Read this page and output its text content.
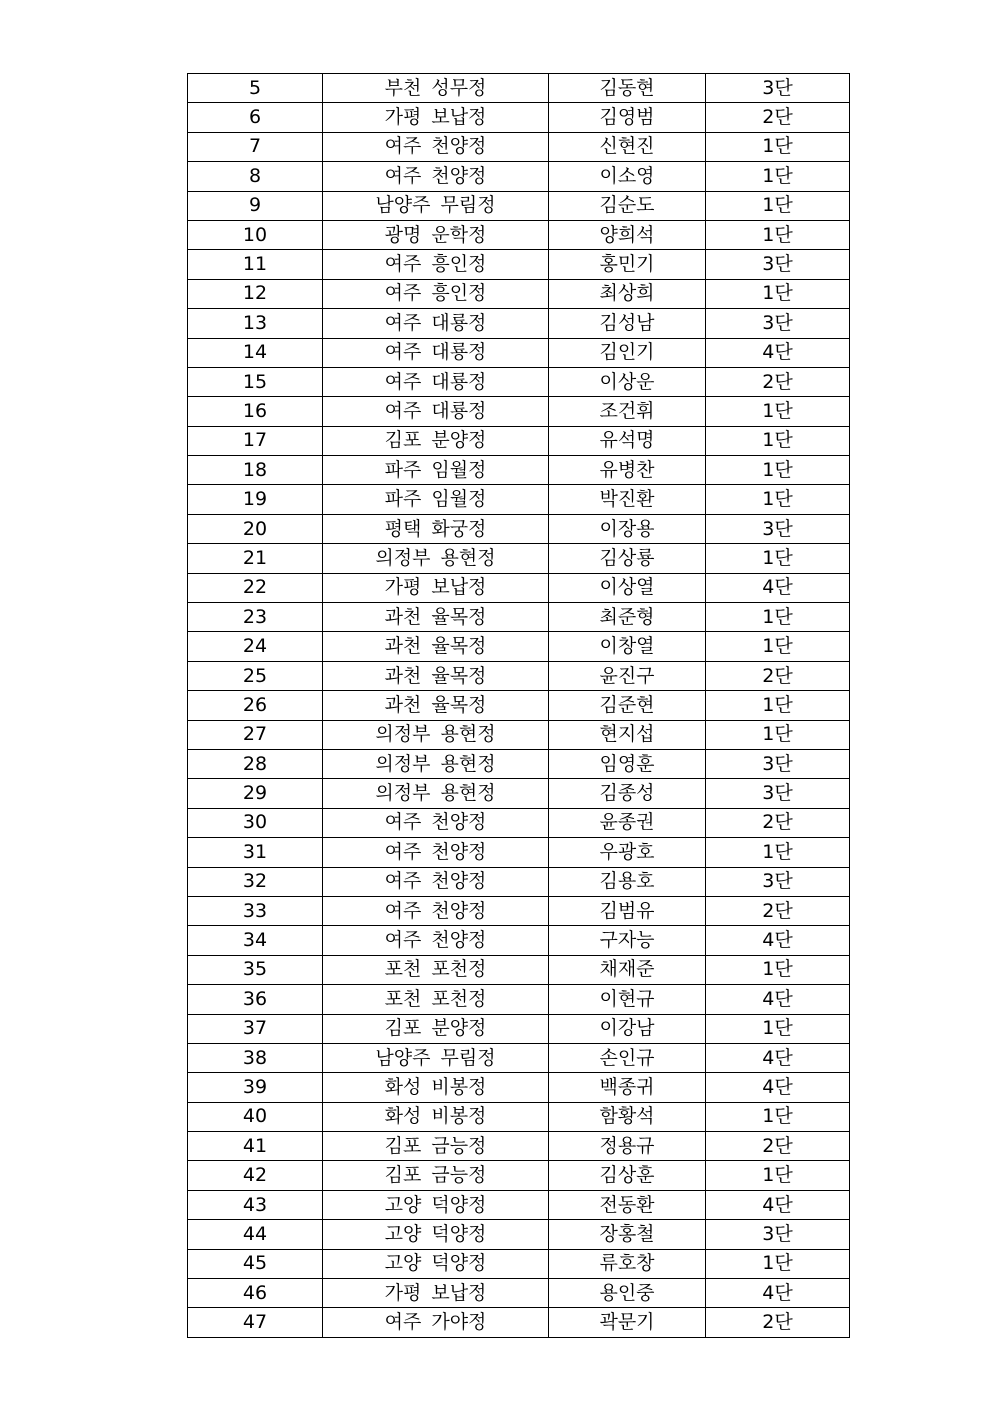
5	부천 성무정	김동현	3단
6	가평 보납정	김영범	2단
7	여주 천양정	신현진	1단
8	여주 천양정	이소영	1단
9	남양주 무림정	김순도	1단
10	광명 운학정	양희석	1단
11	여주 흥인정	홍민기	3단
12	여주 흥인정	최상희	1단
13	여주 대룡정	김성남	3단
14	여주 대룡정	김인기	4단
15	여주 대룡정	이상운	2단
16	여주 대룡정	조건휘	1단
17	김포 분양정	유석명	1단
18	파주 임월정	유병찬	1단
19	파주 임월정	박진환	1단
20	평택 화궁정	이장용	3단
21	의정부 용현정	김상룡	1단
22	가평 보납정	이상열	4단
23	과천 율목정	최준형	1단
24	과천 율목정	이창열	1단
25	과천 율목정	윤진구	2단
26	과천 율목정	김준현	1단
27	의정부 용현정	현지섭	1단
28	의정부 용현정	임영훈	3단
29	의정부 용현정	김종성	3단
30	여주 천양정	윤종권	2단
31	여주 천양정	우광호	1단
32	여주 천양정	김용호	3단
33	여주 천양정	김범유	2단
34	여주 천양정	구자능	4단
35	포천 포천정	채재준	1단
36	포천 포천정	이현규	4단
37	김포 분양정	이강남	1단
38	남양주 무림정	손인규	4단
39	화성 비봉정	백종귀	4단
40	화성 비봉정	함황석	1단
41	김포 금능정	정용규	2단
42	김포 금능정	김상훈	1단
43	고양 덕양정	전동환	4단
44	고양 덕양정	장홍철	3단
45	고양 덕양정	류호창	1단
46	가평 보납정	용인중	4단
47	여주 가야정	곽문기	2단
